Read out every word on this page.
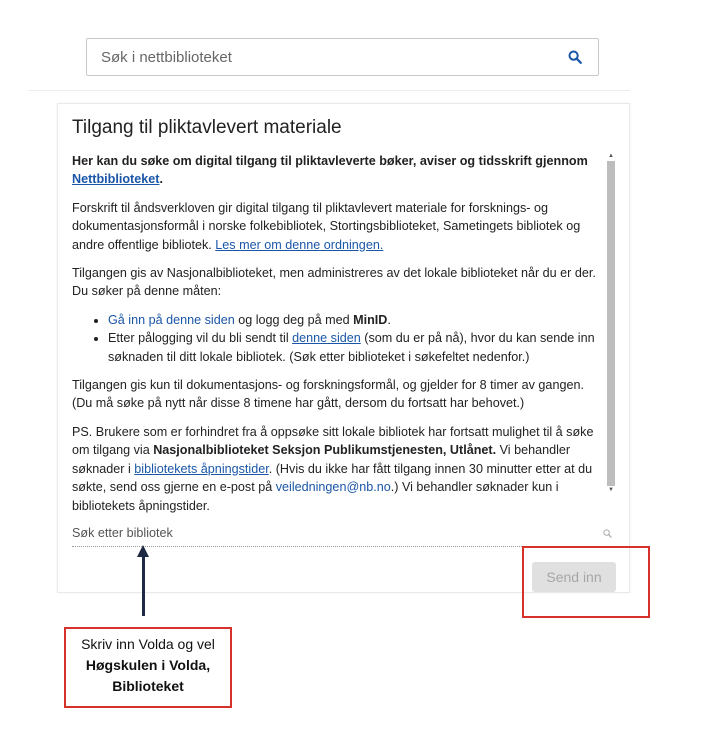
Søk i nettbiblioteket
Tilgang til pliktavlevert materiale

Her kan du søke om digital tilgang til pliktavleverte bøker, aviser og tidsskrift gjennom Nettbiblioteket.

Forskrift til åndsverkloven gir digital tilgang til pliktavlevert materiale for forsknings- og dokumentasjonsformål i norske folkebibliotek, Stortingsbiblioteket, Sametingets bibliotek og andre offentlige bibliotek. Les mer om denne ordningen.

Tilgangen gis av Nasjonalbiblioteket, men administreres av det lokale biblioteket når du er der. Du søker på denne måten:

• Gå inn på denne siden og logg deg på med MinID.
• Etter pålogging vil du bli sendt til denne siden (som du er på nå), hvor du kan sende inn søknaden til ditt lokale bibliotek. (Søk etter biblioteket i søkefeltet nedenfor.)

Tilgangen gis kun til dokumentasjons- og forskningsformål, og gjelder for 8 timer av gangen. (Du må søke på nytt når disse 8 timene har gått, dersom du fortsatt har behovet.)

PS. Brukere som er forhindret fra å oppsøke sitt lokale bibliotek har fortsatt mulighet til å søke om tilgang via Nasjonalbiblioteket Seksjon Publikumstjenesten, Utlånet. Vi behandler søknader i bibliotekets åpningstider. (Hvis du ikke har fått tilgang innen 30 minutter etter at du søkte, send oss gjerne en e-post på veiledningen@nb.no.) Vi behandler søknader kun i bibliotekets åpningstider.

▲
▼
Søk etter bibliotek
Send inn
Skriv inn Volda og vel
Høgskulen i Volda,
Biblioteket
